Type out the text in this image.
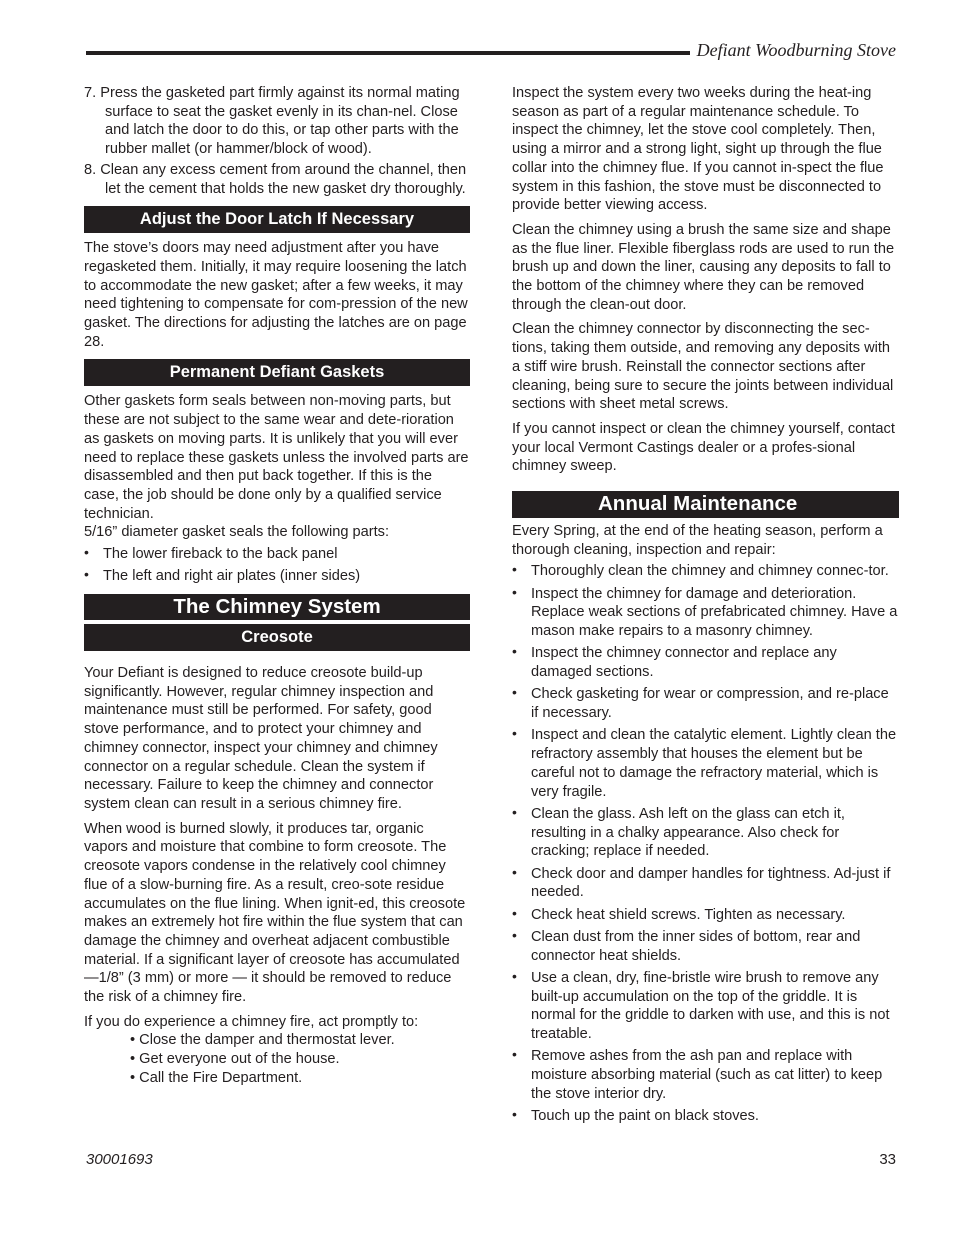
Defiant Woodburning Stove

7. Press the gasketed part firmly against its normal mating surface to seat the gasket evenly in its chan-nel. Close and latch the door to do this, or tap other parts with the rubber mallet (or hammer/block of wood).

8. Clean any excess cement from around the channel, then let the cement that holds the new gasket dry thoroughly.

Adjust the Door Latch If Necessary

The stove’s doors may need adjustment after you have regasketed them. Initially, it may require loosening the latch to accommodate the new gasket; after a few weeks, it may need tightening to compensate for com-pression of the new gasket. The directions for adjusting the latches are on page 28.

Permanent Defiant Gaskets

Other gaskets form seals between non-moving parts, but these are not subject to the same wear and dete-rioration as gaskets on moving parts. It is unlikely that you will ever need to replace these gaskets unless the involved parts are disassembled and then put back together. If this is the case, the job should be done only by a qualified service technician.

5/16” diameter gasket seals the following parts:

• The lower fireback to the back panel
• The left and right air plates (inner sides)
The Chimney System
Creosote

Your Defiant is designed to reduce creosote build-up significantly. However, regular chimney inspection and maintenance must still be performed. For safety, good stove performance, and to protect your chimney and chimney connector, inspect your chimney and chimney connector on a regular schedule. Clean the system if necessary. Failure to keep the chimney and connector system clean can result in a serious chimney fire.

When wood is burned slowly, it produces tar, organic vapors and moisture that combine to form creosote. The creosote vapors condense in the relatively cool chimney flue of a slow-burning fire. As a result, creo-sote residue accumulates on the flue lining. When ignit-ed, this creosote makes an extremely hot fire within the flue system that can damage the chimney and overheat adjacent combustible material. If a significant layer of creosote has accumulated —1/8” (3 mm) or more — it should be removed to reduce the risk of a chimney fire.

If you do experience a chimney fire, act promptly to:

• Close the damper and thermostat lever.
• Get everyone out of the house.
• Call the Fire Department.

Inspect the system every two weeks during the heat-ing season as part of a regular maintenance schedule. To inspect the chimney, let the stove cool completely. Then, using a mirror and a strong light, sight up through the flue collar into the chimney flue. If you cannot in-spect the flue system in this fashion, the stove must be disconnected to provide better viewing access.

Clean the chimney using a brush the same size and shape as the flue liner. Flexible fiberglass rods are used to run the brush up and down the liner, causing any deposits to fall to the bottom of the chimney where they can be removed through the clean-out door.

Clean the chimney connector by disconnecting the sec-tions, taking them outside, and removing any deposits with a stiff wire brush. Reinstall the connector sections after cleaning, being sure to secure the joints between individual sections with sheet metal screws.

If you cannot inspect or clean the chimney yourself, contact your local Vermont Castings dealer or a profes-sional chimney sweep.

Annual Maintenance

Every Spring, at the end of the heating season, perform a thorough cleaning, inspection and repair:

• Thoroughly clean the chimney and chimney connec-tor.
• Inspect the chimney for damage and deterioration. Replace weak sections of prefabricated chimney. Have a mason make repairs to a masonry chimney.
• Inspect the chimney connector and replace any damaged sections.
• Check gasketing for wear or compression, and re-place if necessary.
• Inspect and clean the catalytic element. Lightly clean the refractory assembly that houses the element but be careful not to damage the refractory material, which is very fragile.
• Clean the glass. Ash left on the glass can etch it, resulting in a chalky appearance. Also check for cracking; replace if needed.
• Check door and damper handles for tightness. Ad-just if needed.
• Check heat shield screws. Tighten as necessary.
• Clean dust from the inner sides of bottom, rear and connector heat shields.
• Use a clean, dry, fine-bristle wire brush to remove any built-up accumulation on the top of the griddle. It is normal for the griddle to darken with use, and this is not treatable.
• Remove ashes from the ash pan and replace with moisture absorbing material (such as cat litter) to keep the stove interior dry.
• Touch up the paint on black stoves.
30001693	33
